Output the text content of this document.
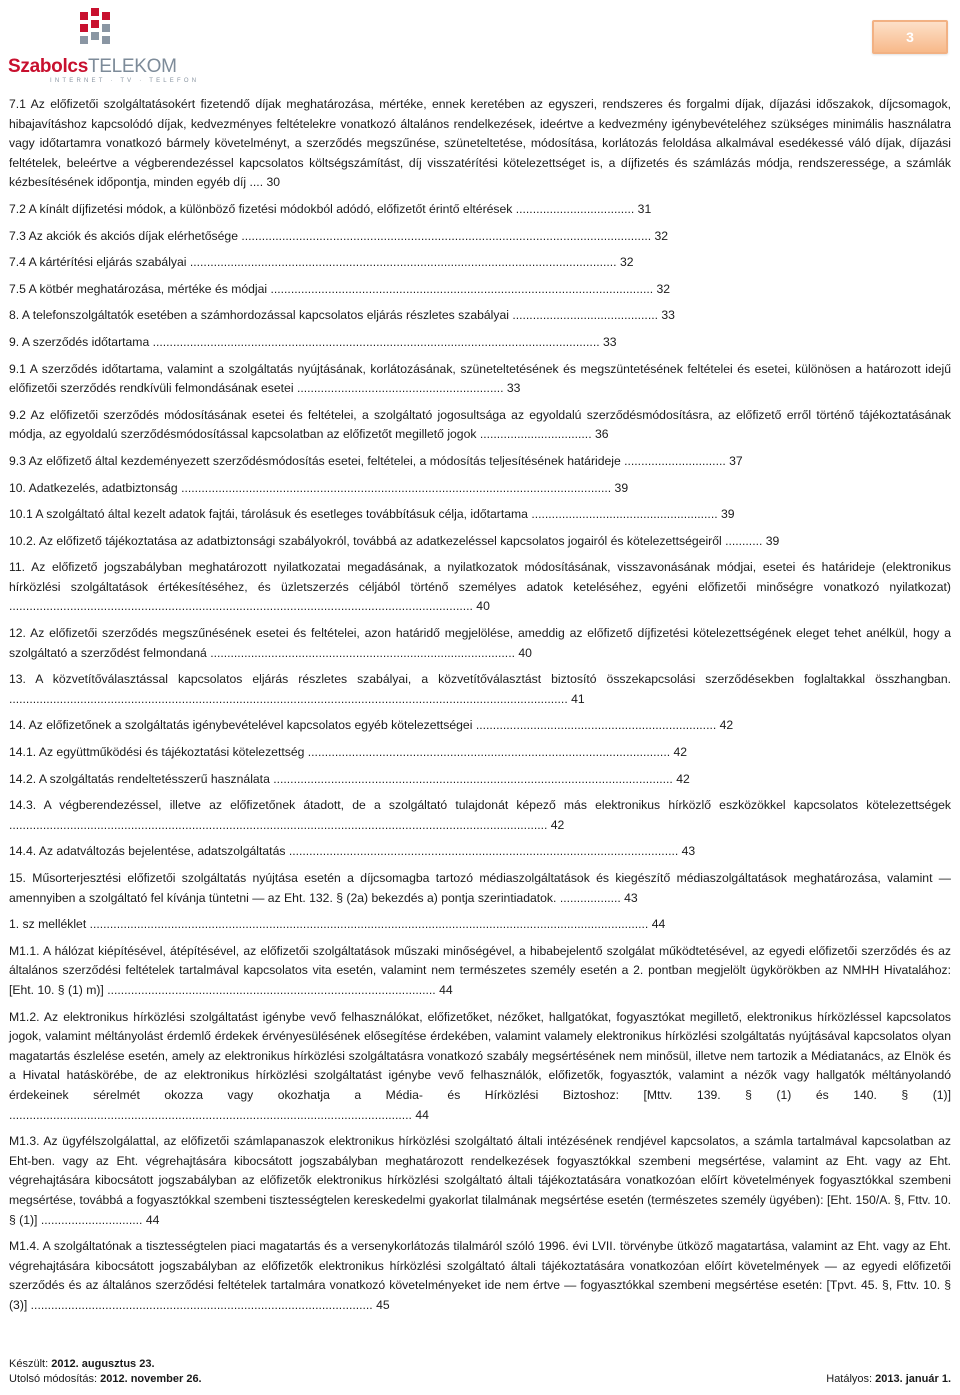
SzabolcsTELEKOM
INTERNET · TV · TELEFON
3

7.1 Az előfizetői szolgáltatásokért fizetendő díjak meghatározása, mértéke, ennek keretében az egyszeri, rendszeres és forgalmi díjak, díjazási időszakok, díjcsomagok, hibajavításhoz kapcsolódó díjak, kedvezményes feltételekre vonatkozó általános rendelkezések, ideértve a kedvezmény igénybevételéhez szükséges minimális használatra vagy időtartamra vonatkozó bármely követelményt, a szerződés megszűnése, szüneteltetése, módosítása, korlátozás feloldása alkalmával esedékessé váló díjak, díjazási feltételek, beleértve a végberendezéssel kapcsolatos költségszámítást, díj visszatérítési kötelezettséget is, a díjfizetés és számlázás módja, rendszeressége, a számlák kézbesítésének időpontja, minden egyéb díj .... 30

7.2 A kínált díjfizetési módok, a különböző fizetési módokból adódó, előfizetőt érintő eltérések ................................... 31

7.3 Az akciók és akciós díjak elérhetősége ......................................................................................................................... 32

7.4 A kártérítési eljárás szabályai .............................................................................................................................. 32

7.5 A kötbér meghatározása, mértéke és módjai ................................................................................................................. 32

8. A telefonszolgáltatók esetében a számhordozással kapcsolatos eljárás részletes szabályai ........................................... 33

9. A szerződés időtartama .................................................................................................................................... 33

9.1 A szerződés időtartama, valamint a szolgáltatás nyújtásának, korlátozásának, szüneteltetésének és megszüntetésének feltételei és esetei, különösen a határozott idejű előfizetői szerződés rendkívüli felmondásának esetei ............................................................. 33

9.2 Az előfizetői szerződés módosításának esetei és feltételei, a szolgáltató jogosultsága az egyoldalú szerződésmódosításra, az előfizető erről történő tájékoztatásának módja, az egyoldalú szerződésmódosítással kapcsolatban az előfizetőt megillető jogok ................................. 36

9.3 Az előfizető által kezdeményezett szerződésmódosítás esetei, feltételei, a módosítás teljesítésének határideje .............................. 37

10. Adatkezelés, adatbiztonság ............................................................................................................................... 39

10.1 A szolgáltató által kezelt adatok fajtái, tárolásuk és esetleges továbbításuk célja, időtartama ....................................................... 39

10.2. Az előfizető tájékoztatása az adatbiztonsági szabályokról, továbbá az adatkezeléssel kapcsolatos jogairól és kötelezettségeiről ........... 39

11. Az előfizető jogszabályban meghatározott nyilatkozatai megadásának, a nyilatkozatok módosításának, visszavonásának módjai, esetei és határideje (elektronikus hírközlési szolgáltatások értékesítéséhez, és üzletszerzés céljából történő személyes adatok keteléséhez, egyéni előfizetői minőségre vonatkozó nyilatkozat) ......................................................................................................................................... 40

12. Az előfizetői szerződés megszűnésének esetei és feltételei, azon határidő megjelölése, ameddig az előfizető díjfizetési kötelezettségének eleget tehet anélkül, hogy a szolgáltató a szerződést felmondaná .......................................................................................... 40

13. A közvetítőválasztással kapcsolatos eljárás részletes szabályai, a közvetítőválasztást biztosító összekapcsolási szerződésekben foglaltakkal összhangban. ..................................................................................................................................................................... 41

14. Az előfizetőnek a szolgáltatás igénybevételével kapcsolatos egyéb kötelezettségei ....................................................................... 42

14.1. Az együttműködési és tájékoztatási kötelezettség ........................................................................................................... 42

14.2. A szolgáltatás rendeltetésszerű használata ...................................................................................................................... 42

14.3. A végberendezéssel, illetve az előfizetőnek átadott, de a szolgáltató tulajdonát képező más elektronikus hírközlő eszközökkel kapcsolatos kötelezettségek ............................................................................................................................................................... 42

14.4. Az adatváltozás bejelentése, adatszolgáltatás ................................................................................................................... 43

15. Műsorterjesztési előfizetői szolgáltatás nyújtása esetén a díjcsomagba tartozó médiaszolgáltatások és kiegészítő médiaszolgáltatások meghatározása, valamint — amennyiben a szolgáltató fel kívánja tüntetni — az Eht. 132. § (2a) bekezdés a) pontja szerintiadatok. .................. 43

1. sz melléklet ..................................................................................................................................................................... 44

M1.1. A hálózat kiépítésével, átépítésével, az előfizetői szolgáltatások műszaki minőségével, a hibabejelentő szolgálat működtetésével, az egyedi előfizetői szerződés és az általános szerződési feltételek tartalmával kapcsolatos vita esetén, valamint nem természetes személy esetén a 2. pontban megjelölt ügykörökben az NMHH Hivatalához: [Eht. 10. § (1) m)] ................................................................................................. 44

M1.2. Az elektronikus hírközlési szolgáltatást igénybe vevő felhasználókat, előfizetőket, nézőket, hallgatókat, fogyasztókat megillető, elektronikus hírközléssel kapcsolatos jogok, valamint méltányolást érdemlő érdekek érvényesülésének elősegítése érdekében, valamint valamely elektronikus hírközlési szolgáltatás nyújtásával kapcsolatos olyan magatartás észlelése esetén, amely az elektronikus hírközlési szolgáltatásra vonatkozó szabály megsértésének nem minősül, illetve nem tartozik a Médiatanács, az Elnök és a Hivatal hatáskörébe, de az elektronikus hírközlési szolgáltatást igénybe vevő felhasználók, előfizetők, fogyasztók, valamint a nézők vagy hallgatók méltányolandó érdekeinek sérelmét okozza vagy okozhatja a Média- és Hírközlési Biztoshoz: [Mttv. 139. § (1) és 140. § (1)] ....................................................................................................................... 44

M1.3. Az ügyfélszolgálattal, az előfizetői számlapanaszok elektronikus hírközlési szolgáltató általi intézésének rendjével kapcsolatos, a számla tartalmával kapcsolatban az Eht-ben. vagy az Eht. végrehajtására kibocsátott jogszabályban meghatározott rendelkezések fogyasztókkal szembeni megsértése, valamint az Eht. vagy az Eht. végrehajtására kibocsátott jogszabályban az előfizetők elektronikus hírközlési szolgáltató általi tájékoztatására vonatkozóan előírt követelmények fogyasztókkal szembeni megsértése, továbbá a fogyasztókkal szembeni tisztességtelen kereskedelmi gyakorlat tilalmának megsértése esetén (természetes személy ügyében): [Eht. 150/A. §, Fttv. 10. § (1)] .............................. 44

M1.4. A szolgáltatónak a tisztességtelen piaci magatartás és a versenykorlátozás tilalmáról szóló 1996. évi LVII. törvénybe ütköző magatartása, valamint az Eht. vagy az Eht. végrehajtására kibocsátott jogszabályban az előfizetők elektronikus hírközlési szolgáltató általi tájékoztatására vonatkozóan előírt követelmények — az egyedi előfizetői szerződés és az általános szerződési feltételek tartalmára vonatkozó követelményeket ide nem értve — fogyasztókkal szembeni megsértése esetén: [Tpvt. 45. §, Fttv. 10. § (3)] ..................................................................................................... 45

Készült: 2012. augusztus 23.
Utolsó módosítás: 2012. november 26.	Hatályos: 2013. január 1.
